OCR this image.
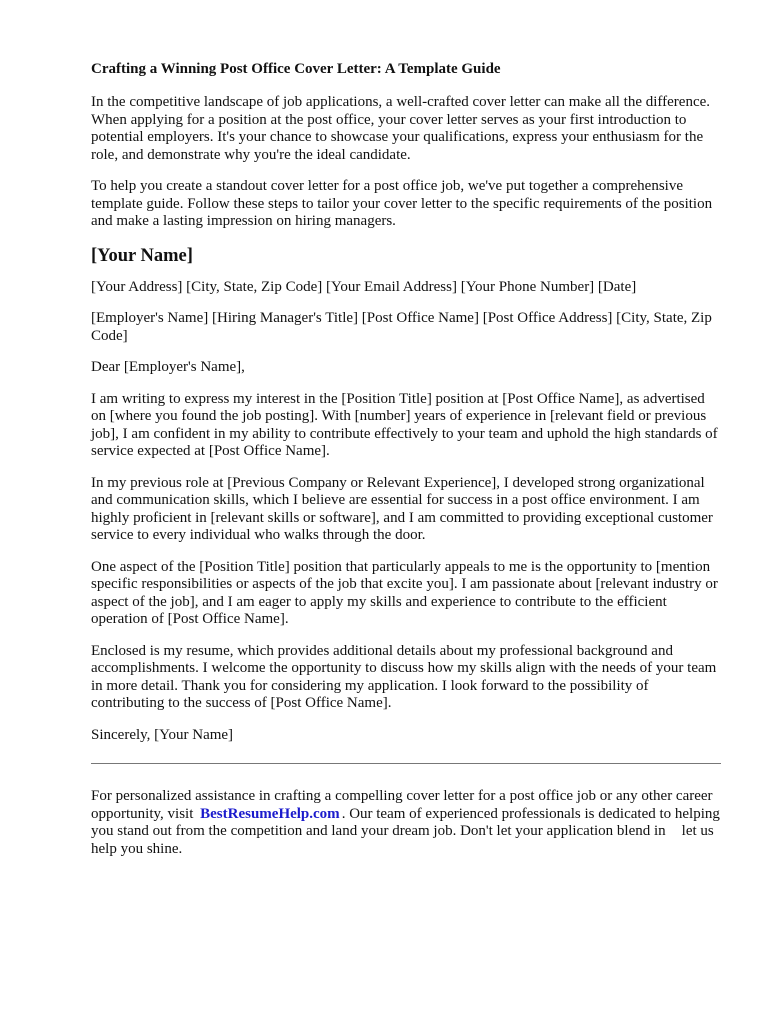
Crafting a Winning Post Office Cover Letter: A Template Guide

In the competitive landscape of job applications, a well-crafted cover letter can make all the difference. When applying for a position at the post office, your cover letter serves as your first introduction to potential employers. It's your chance to showcase your qualifications, express your enthusiasm for the role, and demonstrate why you're the ideal candidate.

To help you create a standout cover letter for a post office job, we've put together a comprehensive template guide. Follow these steps to tailor your cover letter to the specific requirements of the position and make a lasting impression on hiring managers.

[Your Name]

[Your Address] [City, State, Zip Code] [Your Email Address] [Your Phone Number] [Date]

[Employer's Name] [Hiring Manager's Title] [Post Office Name] [Post Office Address] [City, State, Zip Code]

Dear [Employer's Name],

I am writing to express my interest in the [Position Title] position at [Post Office Name], as advertised on [where you found the job posting]. With [number] years of experience in [relevant field or previous job], I am confident in my ability to contribute effectively to your team and uphold the high standards of service expected at [Post Office Name].

In my previous role at [Previous Company or Relevant Experience], I developed strong organizational and communication skills, which I believe are essential for success in a post office environment. I am highly proficient in [relevant skills or software], and I am committed to providing exceptional customer service to every individual who walks through the door.

One aspect of the [Position Title] position that particularly appeals to me is the opportunity to [mention specific responsibilities or aspects of the job that excite you]. I am passionate about [relevant industry or aspect of the job], and I am eager to apply my skills and experience to contribute to the efficient operation of [Post Office Name].

Enclosed is my resume, which provides additional details about my professional background and accomplishments. I welcome the opportunity to discuss how my skills align with the needs of your team in more detail. Thank you for considering my application. I look forward to the possibility of contributing to the success of [Post Office Name].

Sincerely, [Your Name]

For personalized assistance in crafting a compelling cover letter for a post office job or any other career opportunity, visit BestResumeHelp.com . Our team of experienced professionals is dedicated to helping you stand out from the competition and land your dream job. Don't let your application blend in let us help you shine.
